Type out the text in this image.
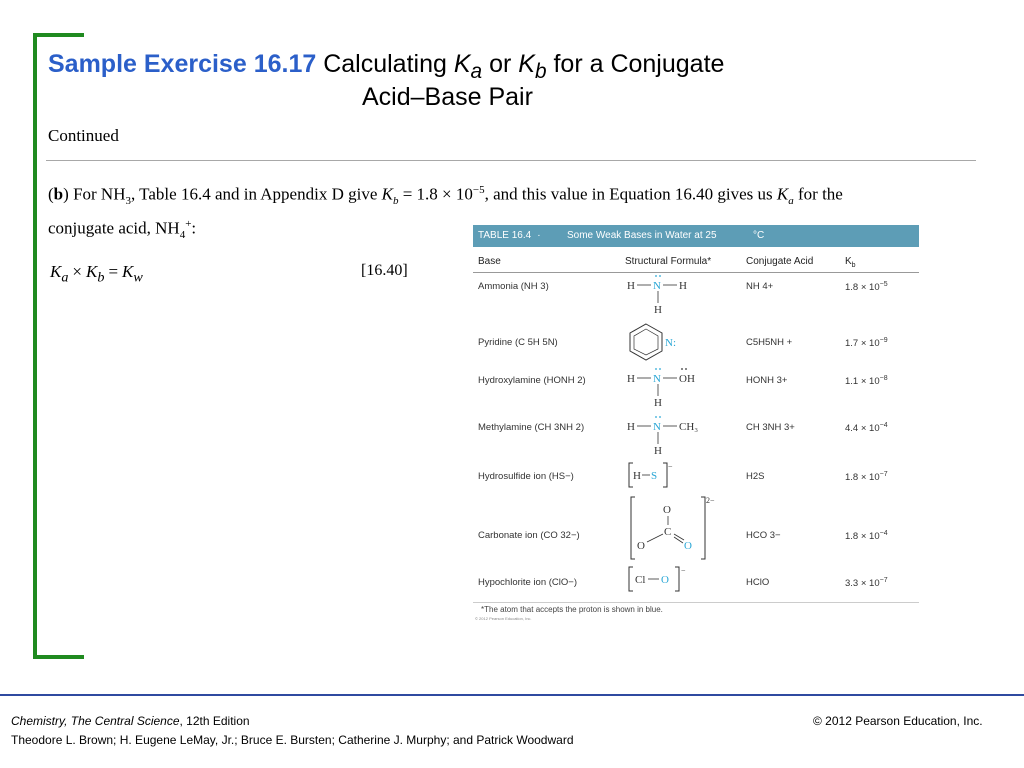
Sample Exercise 16.17 Calculating $K_a$ or $K_b$ for a Conjugate
Acid–Base Pair
Continued
(b) For $NH_3$, Table 16.4 and in Appendix D give $K_b = 1.8 \times 10^{-5}$, and this value in Equation 16.40 gives us $K_a$ for the conjugate acid, $NH_4^+$:
$K_a \times K_b = K_w$	[16.40]
TABLE 16.4 ·	Some Weak Bases in Water at 25	°C
Base	Structural Formula*	Conjugate Acid	$K_b$
Ammonia (NH 3)	NH 4+	$1.8 \times 10^{-5}$
Pyridine (C 5H 5N)	C5H5NH +	$1.7 \times 10^{-9}$
Hydroxylamine (HONH 2)	HONH 3+	$1.1 \times 10^{-8}$
Methylamine (CH 3NH 2)	CH 3NH 3+	$4.4 \times 10^{-4}$
Hydrosulfide ion (HS−)	H2S	$1.8 \times 10^{-7}$
Carbonate ion (CO 32−)	HCO 3−	$1.8 \times 10^{-4}$
Hypochlorite ion (ClO−)	HClO	$3.3 \times 10^{-7}$
H N H
H
N:
H N OH
H
H N CH₃
H
H S
−
O
C
O	O
2−
Cl O
−
*The atom that accepts the proton is shown in blue.
© 2012 Pearson Education, Inc.
Chemistry, The Central Science, 12th Edition
Theodore L. Brown; H. Eugene LeMay, Jr.; Bruce E. Bursten; Catherine J. Murphy; and Patrick Woodward
© 2012 Pearson Education, Inc.
